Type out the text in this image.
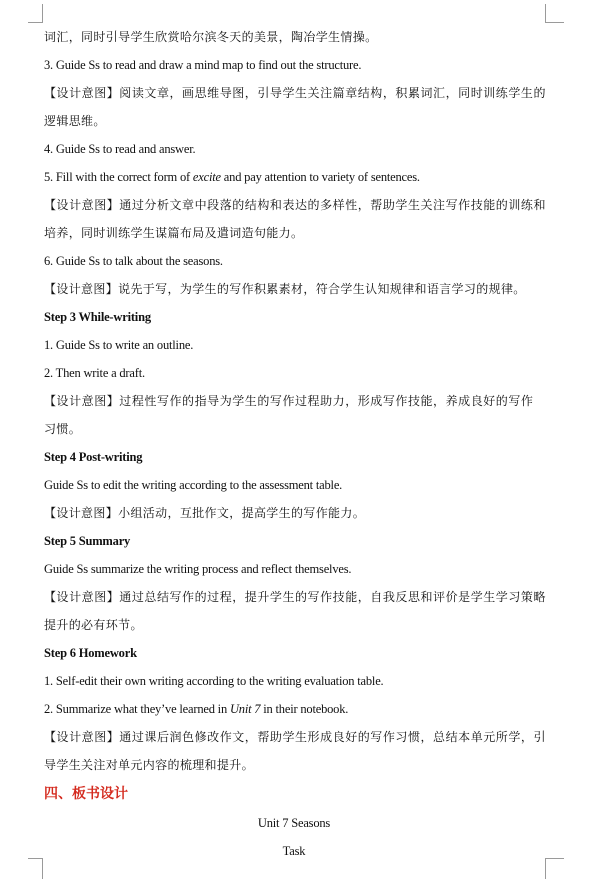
词汇，同时引导学生欣赏哈尔滨冬天的美景，陶冶学生情操。
3. Guide Ss to read and draw a mind map to find out the structure.
【设计意图】阅读文章，画思维导图，引导学生关注篇章结构，积累词汇，同时训练学生的
逻辑思维。
4. Guide Ss to read and answer.
5. Fill with the correct form of excite and pay attention to variety of sentences.
【设计意图】通过分析文章中段落的结构和表达的多样性，帮助学生关注写作技能的训练和
培养，同时训练学生谋篇布局及遣词造句能力。
6. Guide Ss to talk about the seasons.
【设计意图】说先于写，为学生的写作积累素材，符合学生认知规律和语言学习的规律。
Step 3 While-writing
1. Guide Ss to write an outline.
2. Then write a draft.
【设计意图】过程性写作的指导为学生的写作过程助力，形成写作技能，养成良好的写作
习惯。
Step 4 Post-writing
Guide Ss to edit the writing according to the assessment table.
【设计意图】小组活动，互批作文，提高学生的写作能力。
Step 5 Summary
Guide Ss summarize the writing process and reflect themselves.
【设计意图】通过总结写作的过程，提升学生的写作技能，自我反思和评价是学生学习策略
提升的必有环节。
Step 6 Homework
1. Self-edit their own writing according to the writing evaluation table.
2. Summarize what they’ve learned in Unit 7 in their notebook.
【设计意图】通过课后润色修改作文，帮助学生形成良好的写作习惯，总结本单元所学，引
导学生关注对单元内容的梳理和提升。
四、板书设计
Unit 7 Seasons
Task
